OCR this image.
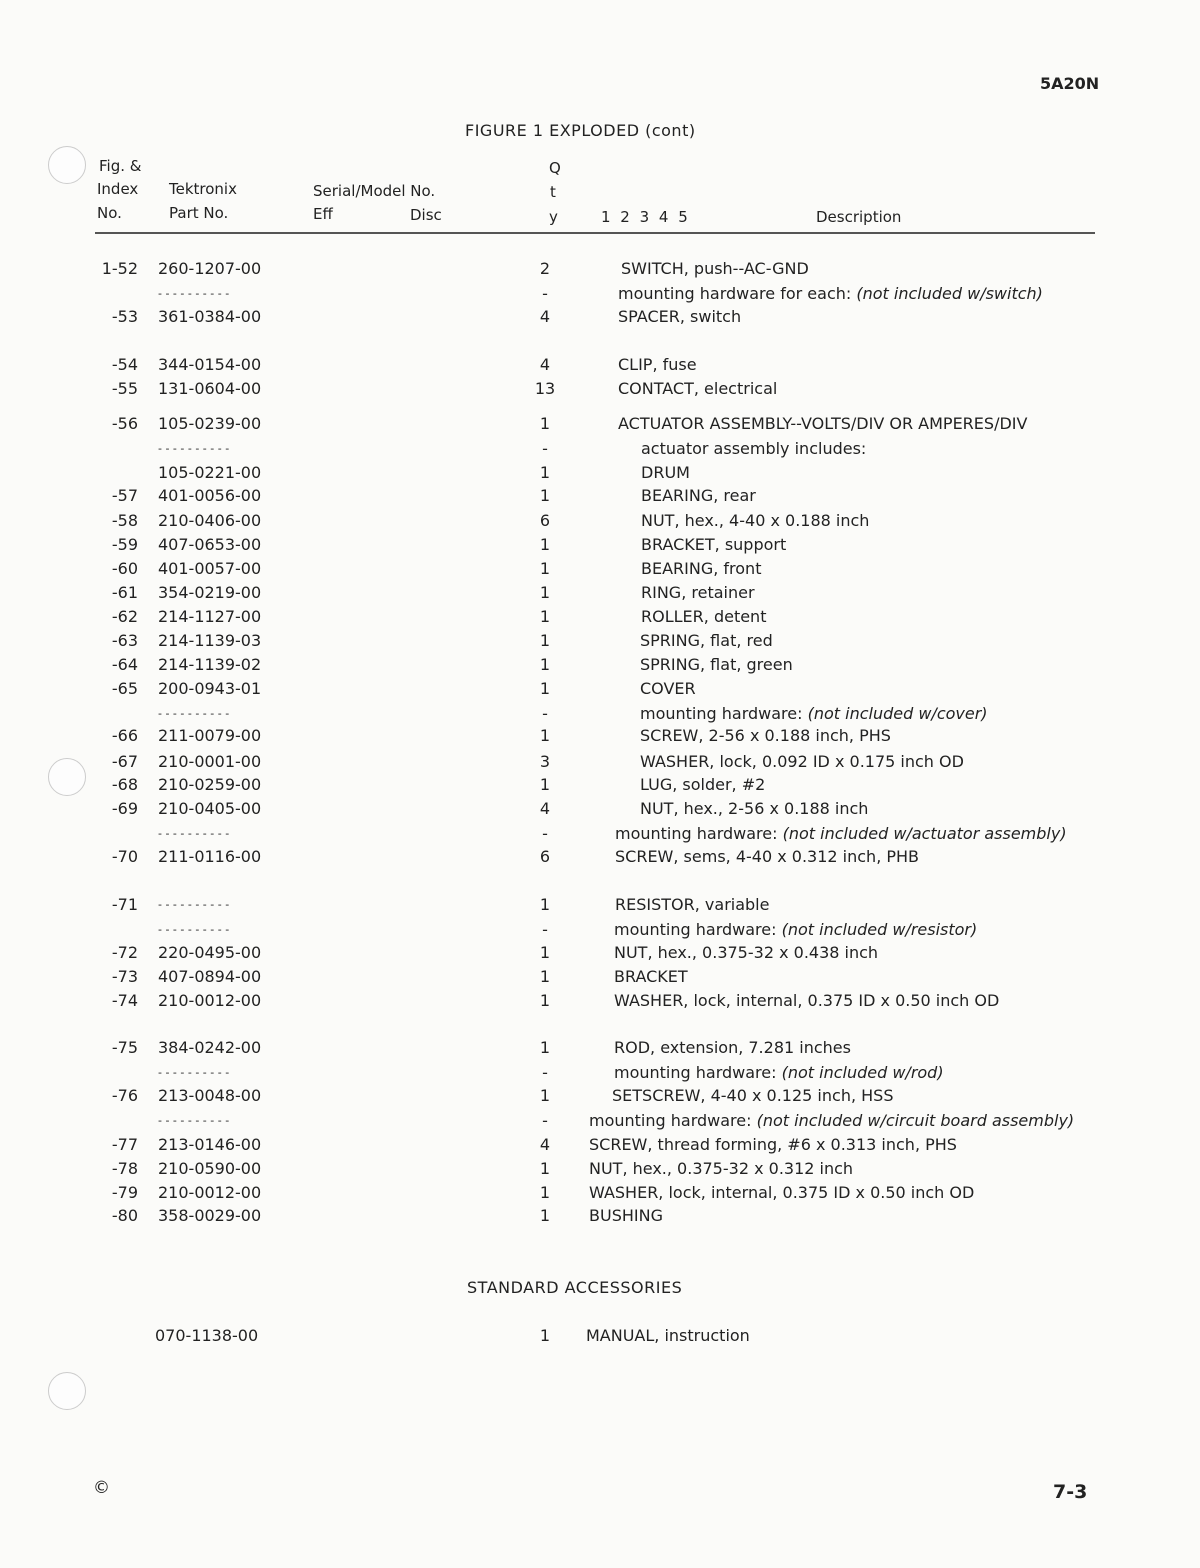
5A20N
FIGURE 1 EXPLODED (cont)
Fig. &
Index
No.
Tektronix
Part No.
Serial/Model No.
Eff	Disc
Q
t
y	1 2 3 4 5	Description
1-52 260-1207-00	2	SWITCH, push--AC-GND
- - - - - - - - - -	-	mounting hardware for each: (not included w/switch)
-53 361-0384-00	4	SPACER, switch
-54 344-0154-00	4	CLIP, fuse
-55 131-0604-00	13	CONTACT, electrical
-56 105-0239-00	1	ACTUATOR ASSEMBLY--VOLTS/DIV OR AMPERES/DIV
- - - - - - - - - -	-	actuator assembly includes:
105-0221-00	1	DRUM
-57 401-0056-00	1	BEARING, rear
-58 210-0406-00	6	NUT, hex., 4-40 x 0.188 inch
-59 407-0653-00	1	BRACKET, support
-60 401-0057-00	1	BEARING, front
-61 354-0219-00	1	RING, retainer
-62 214-1127-00	1	ROLLER, detent
-63 214-1139-03	1	SPRING, flat, red
-64 214-1139-02	1	SPRING, flat, green
-65 200-0943-01	1	COVER
- - - - - - - - - -	-	mounting hardware: (not included w/cover)
-66 211-0079-00	1	SCREW, 2-56 x 0.188 inch, PHS
-67 210-0001-00	3	WASHER, lock, 0.092 ID x 0.175 inch OD
-68 210-0259-00	1	LUG, solder, #2
-69 210-0405-00	4	NUT, hex., 2-56 x 0.188 inch
- - - - - - - - - -	-	mounting hardware: (not included w/actuator assembly)
-70 211-0116-00	6	SCREW, sems, 4-40 x 0.312 inch, PHB
-71 - - - - - - - - - -	1	RESISTOR, variable
- - - - - - - - - -	-	mounting hardware: (not included w/resistor)
-72 220-0495-00	1	NUT, hex., 0.375-32 x 0.438 inch
-73 407-0894-00	1	BRACKET
-74 210-0012-00	1	WASHER, lock, internal, 0.375 ID x 0.50 inch OD
-75 384-0242-00	1	ROD, extension, 7.281 inches
- - - - - - - - - -	-	mounting hardware: (not included w/rod)
-76 213-0048-00	1	SETSCREW, 4-40 x 0.125 inch, HSS
- - - - - - - - - -	-	mounting hardware: (not included w/circuit board assembly)
-77 213-0146-00	4	SCREW, thread forming, #6 x 0.313 inch, PHS
-78 210-0590-00	1	NUT, hex., 0.375-32 x 0.312 inch
-79 210-0012-00	1	WASHER, lock, internal, 0.375 ID x 0.50 inch OD
-80 358-0029-00	1	BUSHING
STANDARD ACCESSORIES
070-1138-00	1	MANUAL, instruction
©	7-3
